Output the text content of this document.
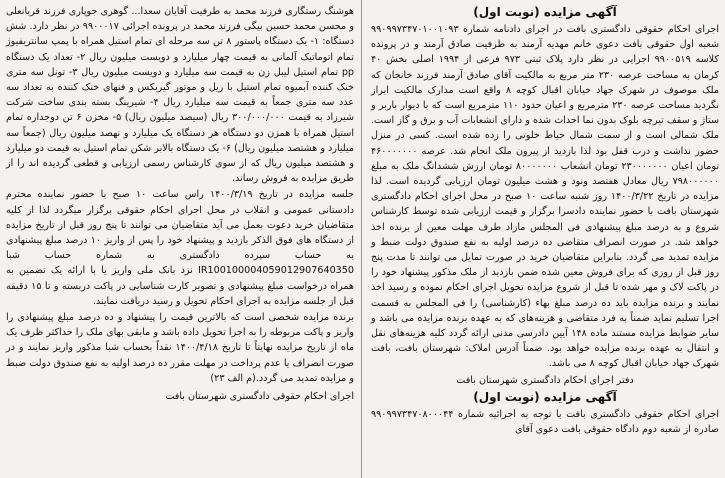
آگهی مزایده (نوبت اول)
اجرای احکام حقوقی دادگستری بافت در اجرای دادنامه شماره ۹۹۰۹۹۷۳۴۷۰۱۰۰۱۰۹۳ شعبه اول حقوقی بافت دعوی خانم مهدیه آرمند به طرفیت صادق آرمند و در پرونده کلاسه ۹۹۰۰۵۱۹ اجرایی در نظر دارد پلاک ثبتی ۹۷۳ فرعی از ۱۹۹۴ اصلی بخش ۴۰ کرمان به مساحت عرصه ۲۳۰ متر مربع به مالکیت آقای صادق آرمند فرزند خانجان که ملک موصوف در شهرک جهاد خیابان اقبال کوچه ۸ واقع است مدارک مالکیت ابراز نگردید مساحت عرصه ۲۳۰ مترمربع و اعیان حدود ۱۱۰ مترمربع است که با دیوار باربر و ستاژ و سقف تیرچه بلوک بدون نما احداث شده و دارای انشعابات آب و برق و گاز است. ملک شمالی است و از سمت شمال حیاط خلوتی را زده شده است. کسی در منزل حضور نداشت و درب قفل بود لذا بازدید از پیرون ملک انجام شد. عرصه ۴۶۰۰۰۰۰۰۰ تومان اعیان ۲۳۰۰۰۰۰۰۰ تومان انشعاب ۸۰۰۰۰۰۰۰ تومان ارزش ششدانگ ملک به مبلغ ۷۹۸۰۰۰۰۰۰ ریال معادل هفتصد ونود و هشت میلیون تومان ارزیابی گردیده است. لذا مزایده در تاریخ ۱۴۰۰/۳/۲۲ روز شنبه ساعت ۱۰ صبح در محل اجرای احکام دادگستری شهرستان بافت با حضور نماینده دادسرا برگزار و قیمت ارزیابی شده توسط کارشناس شروع و به درصد مبلغ پیشنهادی فی المجلس مازاد طرف مهلت معین از برنده اخذ خواهد شد. در صورت انصراف متقاضی ده درصد اولیه به نفع صندوق دولت ضبط و مزایده تمدید می گردد. بنابراین متقاضیان خرید در صورت تمایل می توانند تا مدت پنج روز قبل از روزی که برای فروش معین شده ضمن بازدید از ملک مذکور پیشنهاد خود را در پاکت لاک و مهر شده تا قبل از شروع مزایده تحویل اجرای احکام نموده و رسید اخذ نمایند و برنده مزایده باید ده درصد مبلغ بهاء (کارشناسی) را فی المجلس به قسمت اجرا تسلیم نماید ضمناً به فرد متقاضی و هزینه‌های که به عهده برنده مزایده می باشد و سایر ضوابط مزایده مستند ماده ۱۴۸ آیین دادرسی مدنی ارائه گردد کلیه هزینه‌های نقل و انتقال به عهده برنده مزایده خواهد بود. ضمناً آدرس املاک: شهرستان بافت، بافت شهرک جهاد خیابان اقبال کوچه ۸ می باشد.
دفتر اجرای احکام دادگستری شهرستان بافت
آگهی مزایده (نوبت اول)
اجرای احکام حقوقی دادگستری بافت با توجه به اجرائیه شماره ۹۹۰۹۹۷۳۴۷۰۸۰۰۰۴۴ صادره از شعبه دوم دادگاه حقوقی بافت دعوی آقای
هوشنگ رستگاری فرزند محمد به طرفیت آقایان سعدا... گوهری جوپاری فرزند قربانعلی و محسن محمد حسین بیگی فرزند محمد در پرونده اجرائی ۹۹۰۰۰۱۷ در نظر دارد. شش دستگاه: ۱- یک دستگاه پاستور ۸ تن سه مرحله ای تمام استیل همراه با پمپ سانتریفیوژ تمام اتوماتیک آلمانی به قیمت چهار میلیارد و دویست میلیون ریال ۲- تعداد یک دستگاه pp تمام استیل لیبل زن به قیمت سه میلیارد و دویست میلیون ریال ۳- تونل سه متری خنک کننده آبمیوه تمام استیل با ریل و موتور گیربکس و فنهای خنک کننده به تعداد سه عدد سه متری جمعاً به قیمت سه میلیارد ریال ۴- شیرینگ بسته بندی ساخت شرکت شیرزاد به قیمت ۳۰۰/۰۰۰/۰۰۰ ریال (سیصد میلیون ریال) ۵- مخزن ۶ تن دوجداره تمام استیل همراه با همزن دو دستگاه هر دستگاه یک میلیارد و نهصد میلیون ریال (جمعاً سه میلیارد و هشتصد میلیون ریال) ۶- یک دستگاه بالابر شکن تمام استیل به قیمت دو میلیارد و هشتصد میلیون ریال که از سوی کارشناس رسمی ارزیابی و قطعی گردیده اند را از طریق مزایده به فروش رساند.
جلسه مزایده در تاریخ ۱۴۰۰/۳/۱۹ راس ساعت ۱۰ صبح با حضور نماینده محترم دادستانی عمومی و انقلاب در محل اجرای احکام حقوقی برگزار میگردد لذا از کلیه متقاضیان خرید دعوت بعمل می آید متقاضیان می توانند تا پنج روز قبل از تاریخ مزایده از دستگاه های فوق الذکر بازدید و پیشنهاد خود را پس از واریز ۱۰ درصد مبلغ پیشنهادی به حساب سپرده دادگستری به شماره حساب شبا IR100100004059012907640350 نزد بانک ملی واریز یا با ارائه یک تضمین به همراه درخواست مبلغ پیشنهادی و تصویر کارت شناسایی در پاکت دربسته و تا ۱۵ دقیقه قبل از جلسه مزایده به اجرای احکام تحویل و رسید دریافت نمایند.
برنده مزایده شخصی است که بالاترین قیمت را پیشنهاد و ده درصد مبلغ پیشنهادی را واریز و پاکت مربوطه را به اجرا تحویل داده باشد و مابقی بهای ملک را حداکثر ظرف یک ماه از تاریخ مزایده نهایتاً تا تاریخ ۱۴۰۰/۴/۱۸ نقداً بحساب شبا مذکور واریز نمایند و در صورت انصراف یا عدم پرداخت در مهلت مقرر ده درصد اولیه به نفع صندوق دولت ضبط و مزایده تمدید می گردد.(م الف ۲۳)
اجرای احکام حقوقی دادگستری شهرستان بافت
